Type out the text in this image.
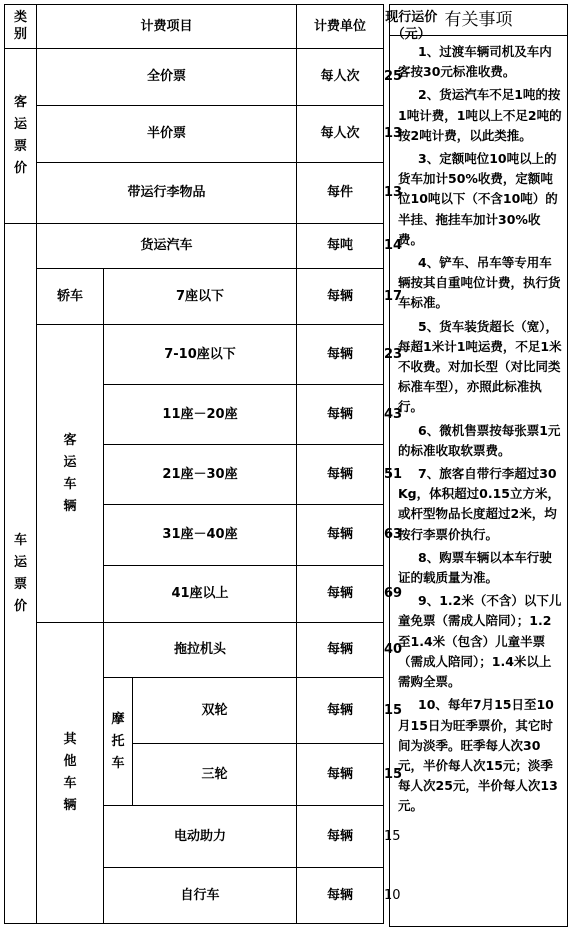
类别	计费项目			计费单位	现行运价（元）
客运票价	全价票			每人次	25
	半价票			每人次	13
	带运行李物品			每件	13
车运票价	货运汽车			每吨	14
	轿车	7座以下		每辆	17
	客运车辆	7-10座以下		每辆	23
		11座－20座		每辆	43
		21座－30座		每辆	51
		31座－40座		每辆	63
		41座以上		每辆	69
	其他车辆	拖拉机头		每辆	40
		摩托车	双轮	每辆	15
			三轮	每辆	15
		电动助力		每辆	15
		自行车		每辆	10
有关事项

1、过渡车辆司机及车内客按30元标准收费。

2、货运汽车不足1吨的按1吨计费，1吨以上不足2吨的按2吨计费，以此类推。

3、定额吨位10吨以上的货车加计50%收费，定额吨位10吨以下（不含10吨）的半挂、拖挂车加计30%收费。

4、铲车、吊车等专用车辆按其自重吨位计费，执行货车标准。

5、货车装货超长（宽），每超1米计1吨运费，不足1米不收费。对加长型（对比同类标准车型），亦照此标准执行。

6、微机售票按每张票1元的标准收取软票费。

7、旅客自带行李超过30Kg，体积超过0.15立方米，或杆型物品长度超过2米，均按行李票价执行。

8、购票车辆以本车行驶证的载质量为准。

9、1.2米（不含）以下儿童免票（需成人陪同）；1.2至1.4米（包含）儿童半票（需成人陪同）；1.4米以上需购全票。

10、每年7月15日至10月15日为旺季票价，其它时间为淡季。旺季每人次30元，半价每人次15元；淡季每人次25元，半价每人次13元。
